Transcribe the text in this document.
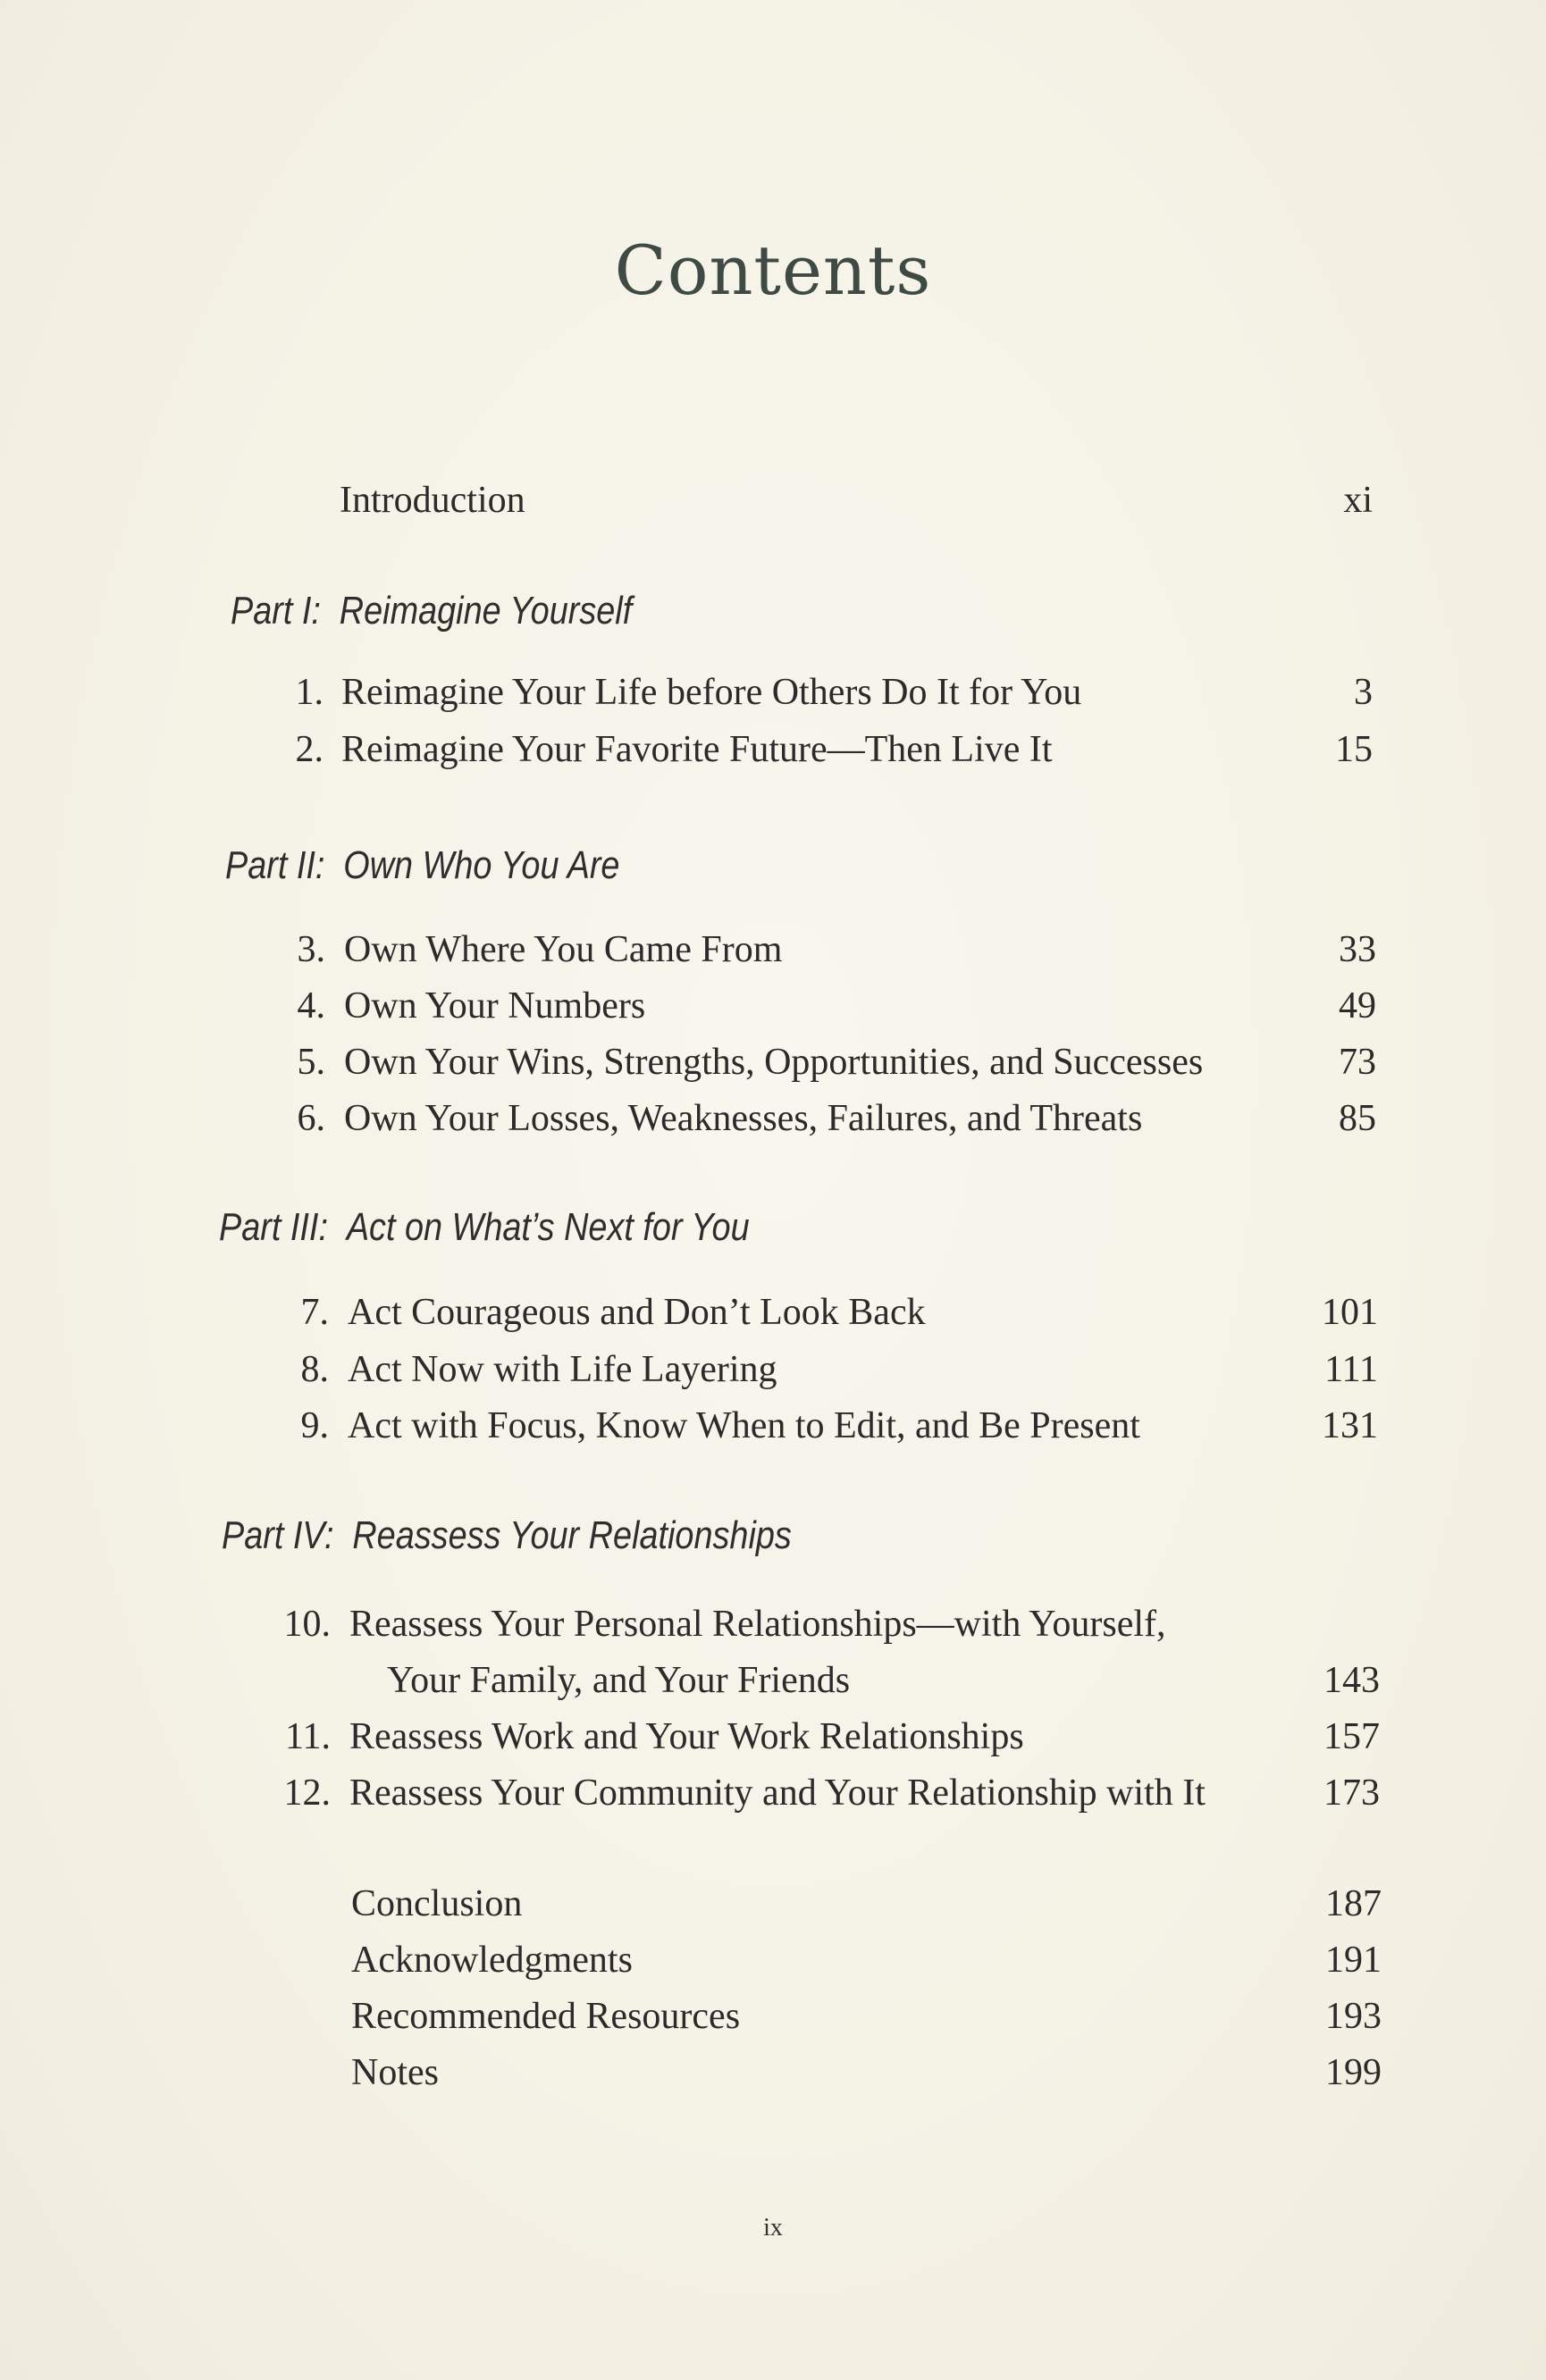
Contents
Introduction	xi
Part I: Reimagine Yourself
1. Reimagine Your Life before Others Do It for You	3
2. Reimagine Your Favorite Future—Then Live It	15
Part II: Own Who You Are
3. Own Where You Came From	33
4. Own Your Numbers	49
5. Own Your Wins, Strengths, Opportunities, and Successes	73
6. Own Your Losses, Weaknesses, Failures, and Threats	85
Part III: Act on What’s Next for You
7. Act Courageous and Don’t Look Back	101
8. Act Now with Life Layering	111
9. Act with Focus, Know When to Edit, and Be Present	131
Part IV: Reassess Your Relationships
10. Reassess Your Personal Relationships—with Yourself,
Your Family, and Your Friends	143
11. Reassess Work and Your Work Relationships	157
12. Reassess Your Community and Your Relationship with It	173
Conclusion	187
Acknowledgments	191
Recommended Resources	193
Notes	199
ix
